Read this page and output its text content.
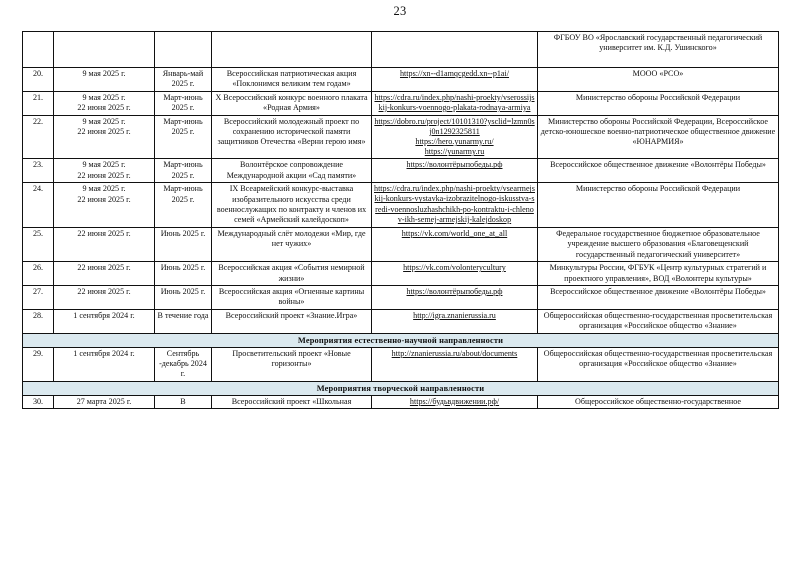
23
					ФГБОУ ВО «Ярославский государственный педагогический университет им. К.Д. Ушинского»
20.	9 мая 2025 г.	Январь-май 2025 г.	Всероссийская патриотическая акция «Поклонимся великим тем годам»	https://xn--d1amqcgedd.xn--p1ai/	МООО «РСО»
21.	9 мая 2025 г.
22 июня 2025 г.	Март-июнь 2025 г.	X Всероссийский конкурс военного плаката «Родная Армия»	https://cdra.ru/index.php/nashi-proekty/vserossijskij-konkurs-voennogo-plakata-rodnaya-armiya	Министерство обороны Российской Федерации
22.	9 мая 2025 г.
22 июня 2025 г.	Март-июнь 2025 г.	Всероссийский молодежный проект по сохранению исторической памяти защитников Отечества «Верни герою имя»	https://dobro.ru/project/10101310?ysclid=lzmn0sj0n1292325811
https://hero.yunarmy.ru/
https://yunarmy.ru	Министерство обороны Российской Федерации, Всероссийское детско-юношеское военно-патриотическое общественное движение «ЮНАРМИЯ»
23.	9 мая 2025 г.
22 июня 2025 г.	Март-июнь 2025 г.	Волонтёрское сопровождение Международной акции «Сад памяти»	https://волонтёрыпобеды.рф	Всероссийское общественное движение «Волонтёры Победы»
24.	9 мая 2025 г.
22 июня 2025 г.	Март-июнь 2025 г.	IX Всеармейский конкурс-выставка изобразительного искусства среди военнослужащих по контракту и членов их семей «Армейский калейдоскоп»	https://cdra.ru/index.php/nashi-proekty/vsearmejskij-konkurs-vystavka-izobrazitelnogo-iskusstva-sredi-voennosluzhashchikh-po-kontraktu-i-chlenov-ikh-semej-armejskij-kalejdoskop	Министерство обороны Российской Федерации
25.	22 июня 2025 г.	Июнь 2025 г.	Международный слёт молодежи «Мир, где нет чужих»	https://vk.com/world_one_at_all	Федеральное государственное бюджетное образовательное учреждение высшего образования «Благовещенский государственный педагогический университет»
26.	22 июня 2025 г.	Июнь 2025 г.	Всероссийская акция «События немирной жизни»	https://vk.com/volonterycultury	Минкультуры России, ФГБУК «Центр культурных стратегий и проектного управления», ВОД «Волонтеры культуры»
27.	22 июня 2025 г.	Июнь 2025 г.	Всероссийская акция «Огненные картины войны»	https://волонтёрыпобеды.рф	Всероссийское общественное движение «Волонтёры Победы»
28.	1 сентября 2024 г.	В течение года	Всероссийский проект «Знание.Игра»	http://igra.znanierussia.ru	Общероссийская общественно-государственная просветительская организация «Российское общество «Знание»
Мероприятия естественно-научной направленности					
29.	1 сентября 2024 г.	Сентябрь -декабрь 2024 г.	Просветительский проект «Новые горизонты»	http://znanierussia.ru/about/documents	Общероссийская общественно-государственная просветительская организация «Российское общество «Знание»
Мероприятия творческой направленности					
30.	27 марта 2025 г.	В	Всероссийский проект «Школьная	https://будьвдвижении.рф/	Общероссийское общественно-государственное
